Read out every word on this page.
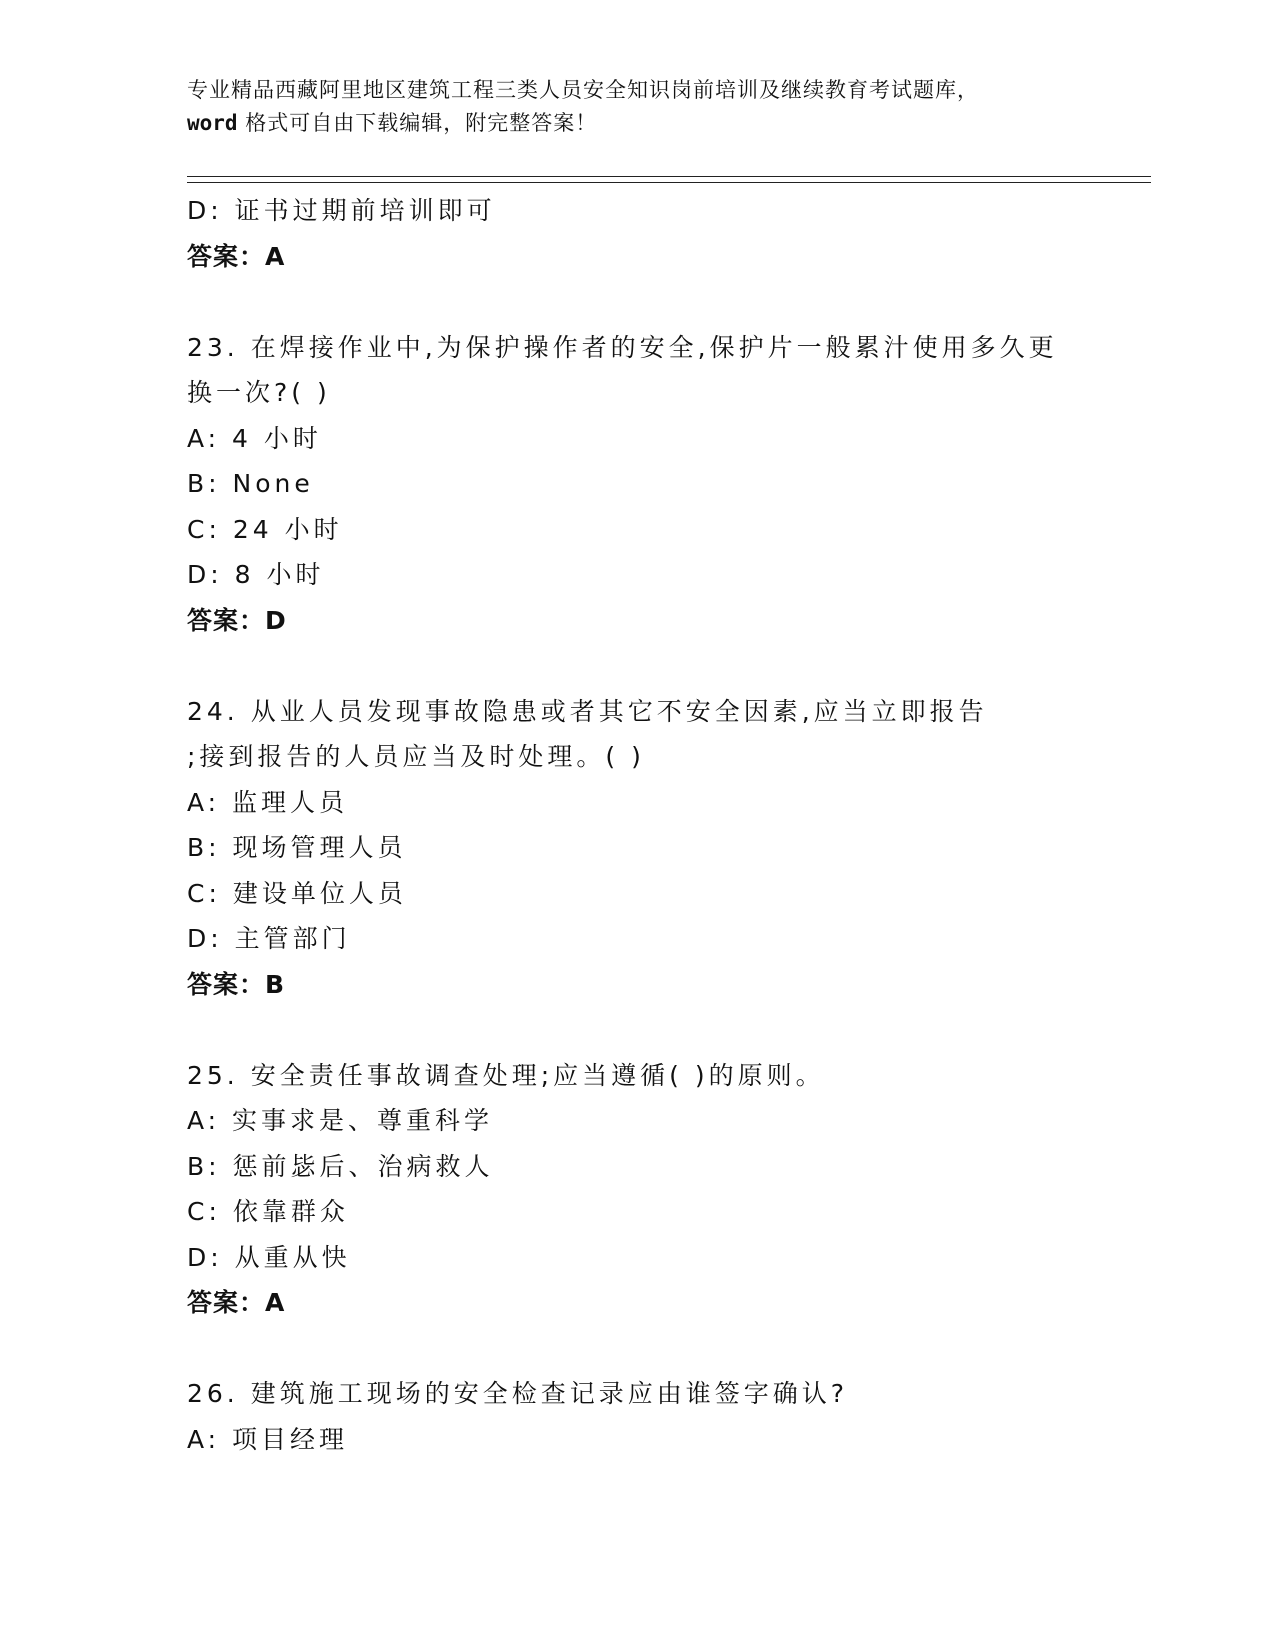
专业精品西藏阿里地区建筑工程三类人员安全知识岗前培训及继续教育考试题库，
word 格式可自由下载编辑，附完整答案！
D: 证书过期前培训即可
答案：A
23. 在焊接作业中,为保护操作者的安全,保护片一般累汁使用多久更
换一次?( )
A: 4 小时
B: None
C: 24 小时
D: 8 小时
答案：D
24. 从业人员发现事故隐患或者其它不安全因素,应当立即报告
;接到报告的人员应当及时处理。( )
A: 监理人员
B: 现场管理人员
C: 建设单位人员
D: 主管部门
答案：B
25. 安全责任事故调查处理;应当遵循( )的原则。
A: 实事求是、尊重科学
B: 惩前毖后、治病救人
C: 依靠群众
D: 从重从快
答案：A
26. 建筑施工现场的安全检查记录应由谁签字确认?
A: 项目经理
